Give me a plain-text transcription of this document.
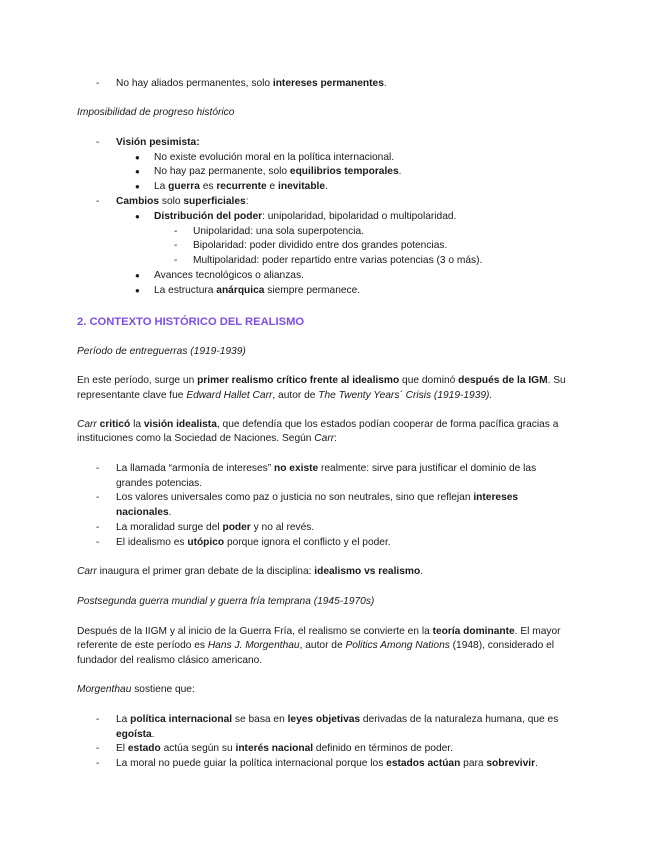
- No hay aliados permanentes, solo intereses permanentes.
Imposibilidad de progreso histórico
- Visión pesimista:
● No existe evolución moral en la política internacional.
● No hay paz permanente, solo equilibrios temporales.
● La guerra es recurrente e inevitable.
- Cambios solo superficiales:
● Distribución del poder: unipolaridad, bipolaridad o multipolaridad.
- Unipolaridad: una sola superpotencia.
- Bipolaridad: poder dividido entre dos grandes potencias.
- Multipolaridad: poder repartido entre varias potencias (3 o más).
● Avances tecnológicos o alianzas.
● La estructura anárquica siempre permanece.
2. CONTEXTO HISTÓRICO DEL REALISMO
Período de entreguerras (1919-1939)
En este período, surge un primer realismo crítico frente al idealismo que dominó después de la IGM. Su
representante clave fue Edward Hallet Carr, autor de The Twenty Years´ Crisis (1919-1939).
Carr criticó la visión idealista, que defendía que los estados podían cooperar de forma pacífica gracias a
instituciones como la Sociedad de Naciones. Según Carr:
- La llamada “armonía de intereses” no existe realmente: sirve para justificar el dominio de las
grandes potencias.
- Los valores universales como paz o justicia no son neutrales, sino que reflejan intereses
nacionales.
- La moralidad surge del poder y no al revés.
- El idealismo es utópico porque ignora el conflicto y el poder.
Carr inaugura el primer gran debate de la disciplina: idealismo vs realismo.
Postsegunda guerra mundial y guerra fría temprana (1945-1970s)
Después de la IIGM y al inicio de la Guerra Fría, el realismo se convierte en la teoría dominante. El mayor
referente de este período es Hans J. Morgenthau, autor de Politics Among Nations (1948), considerado el
fundador del realismo clásico americano.
Morgenthau sostiene que:
- La política internacional se basa en leyes objetivas derivadas de la naturaleza humana, que es
egoísta.
- El estado actúa según su interés nacional definido en términos de poder.
- La moral no puede guiar la política internacional porque los estados actúan para sobrevivir.
